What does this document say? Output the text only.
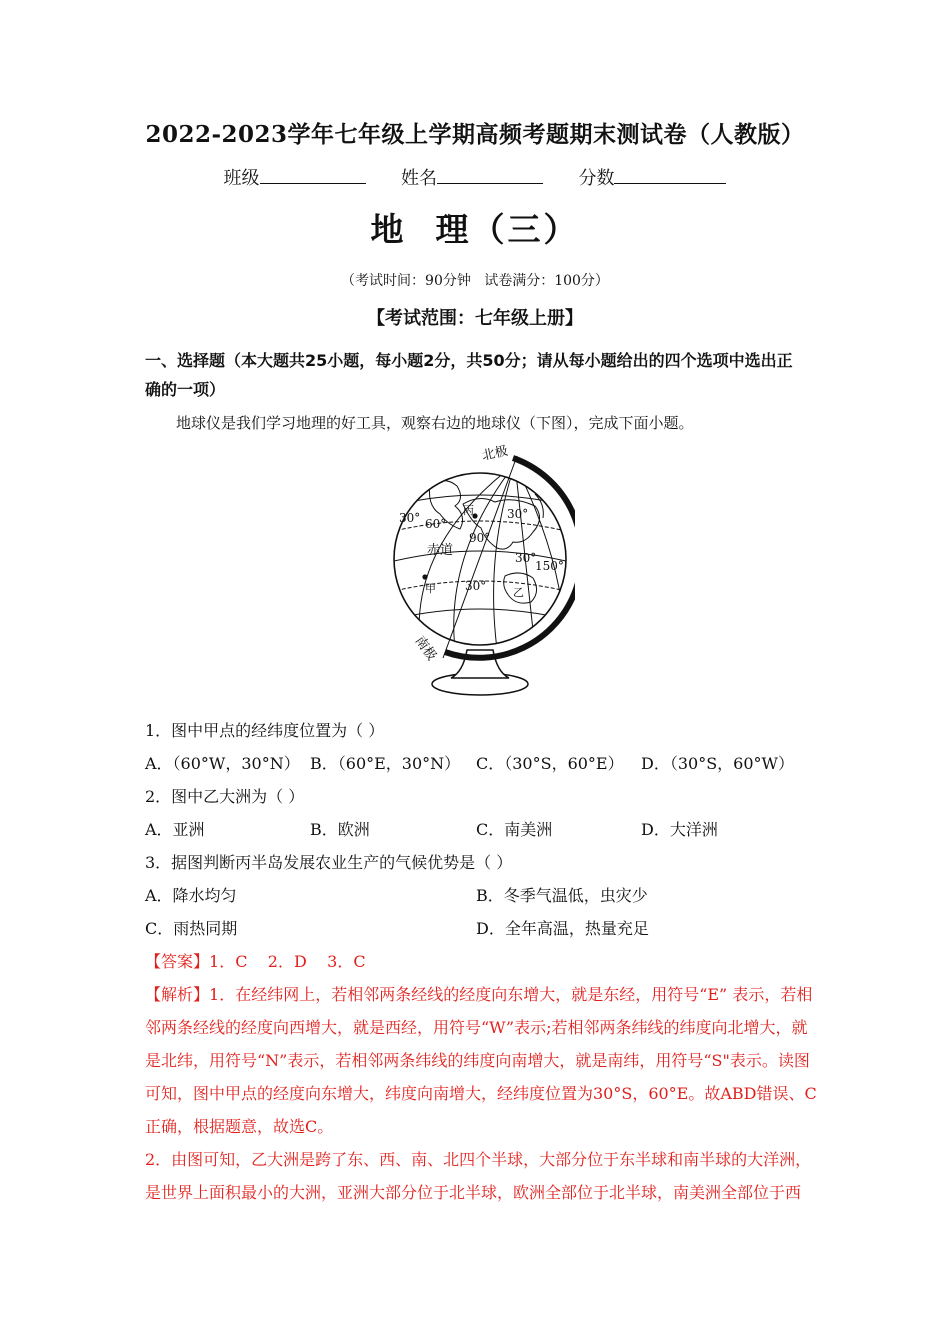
2022-2023学年七年级上学期高频考题期末测试卷（人教版）
班级	姓名	分数
地  理（三）
（考试时间：90分钟   试卷满分：100分）
【考试范围：七年级上册】
一、选择题（本大题共25小题，每小题2分，共50分；请从每小题给出的四个选项中选出正
确的一项）
地球仪是我们学习地理的好工具，观察右边的地球仪（下图），完成下面小题。
北极
南极
赤道
丙
甲	乙
30° 60°
90°
30°
150°
30°
30°
1．图中甲点的经纬度位置为（ ）
A．（60°W，30°N） B．（60°E，30°N） C．（30°S，60°E） D．（30°S，60°W）
2．图中乙大洲为（ ）
A．亚洲	B．欧洲	C．南美洲	D．大洋洲
3．据图判断丙半岛发展农业生产的气候优势是（ ）
A．降水均匀	B．冬季气温低，虫灾少
C．雨热同期	D．全年高温，热量充足
【答案】1．C    2．D    3．C
【解析】1．在经纬网上，若相邻两条经线的经度向东增大，就是东经，用符号“E” 表示，若相
邻两条经线的经度向西增大，就是西经，用符号“W”表示;若相邻两条纬线的纬度向北增大，就
是北纬，用符号“N”表示，若相邻两条纬线的纬度向南增大，就是南纬，用符号“S"表示。读图
可知，图中甲点的经度向东增大，纬度向南增大，经纬度位置为30°S，60°E。故ABD错误、C
正确，根据题意，故选C。
2．由图可知，乙大洲是跨了东、西、南、北四个半球，大部分位于东半球和南半球的大洋洲，
是世界上面积最小的大洲，亚洲大部分位于北半球，欧洲全部位于北半球，南美洲全部位于西
